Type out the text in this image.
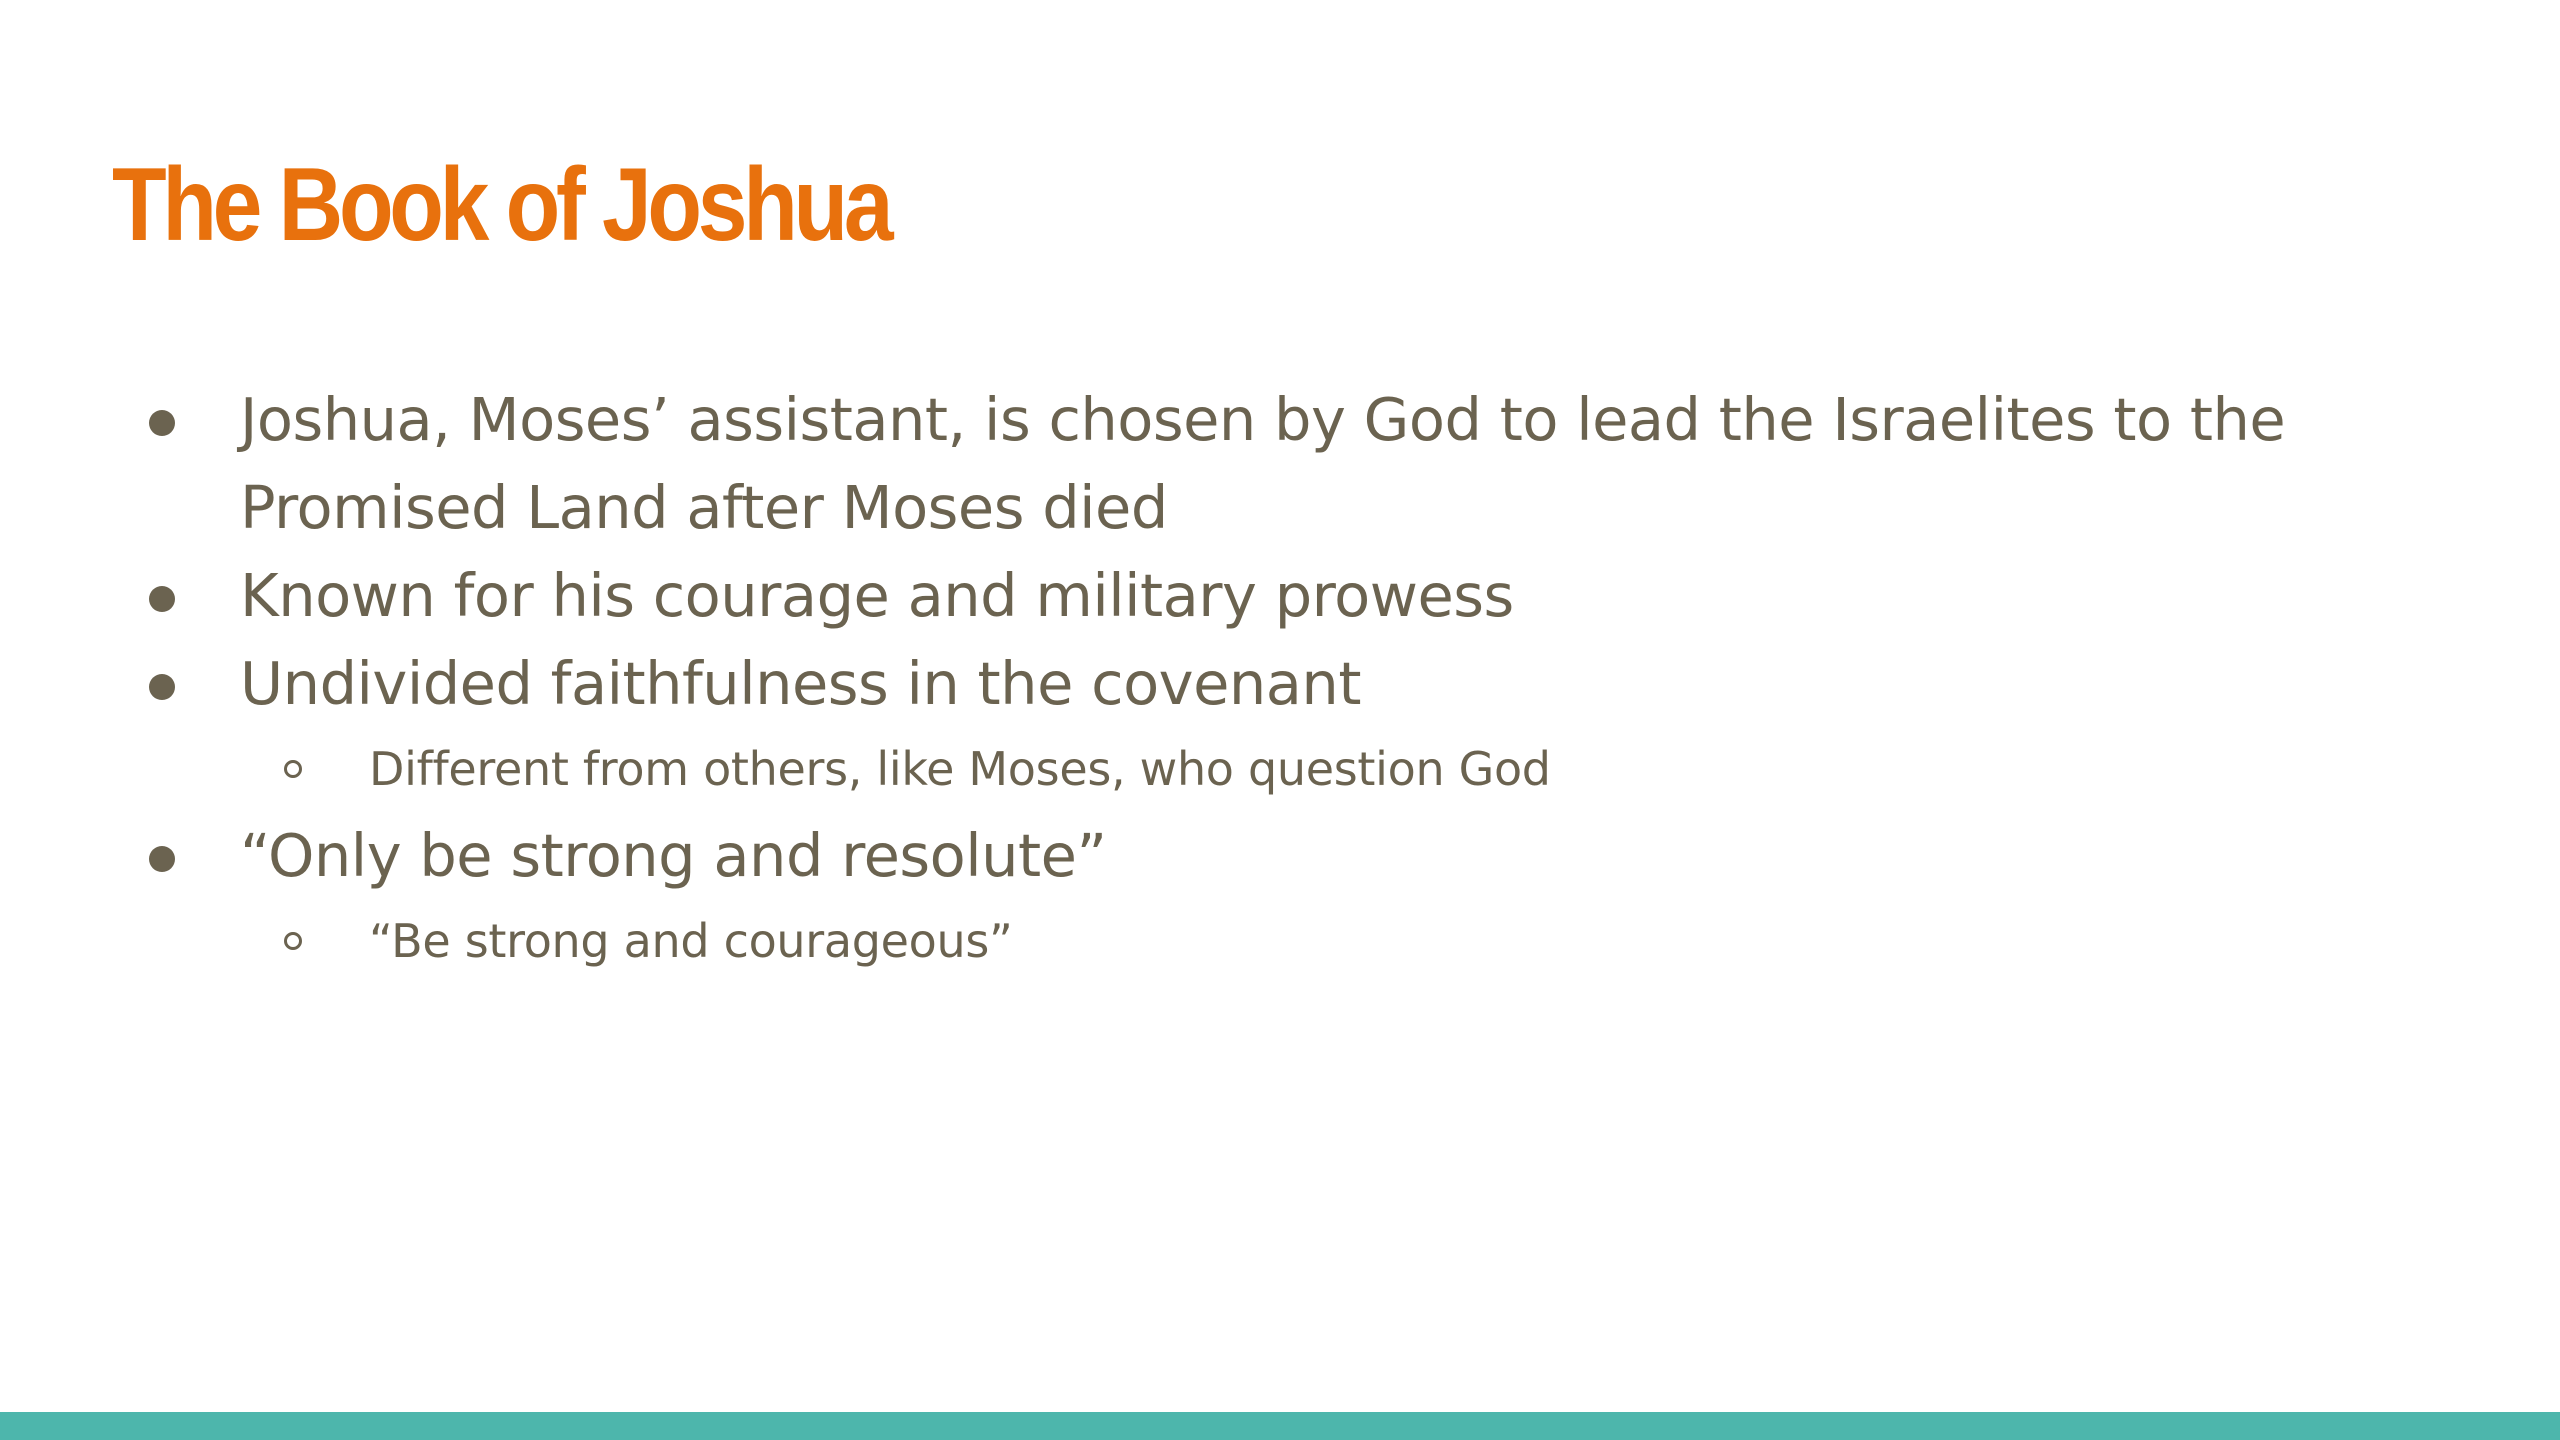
The Book of Joshua
Joshua, Moses’ assistant, is chosen by God to lead the Israelites to the Promised Land after Moses died
Known for his courage and military prowess
Undivided faithfulness in the covenant
Different from others, like Moses, who question God
“Only be strong and resolute”
“Be strong and courageous”
